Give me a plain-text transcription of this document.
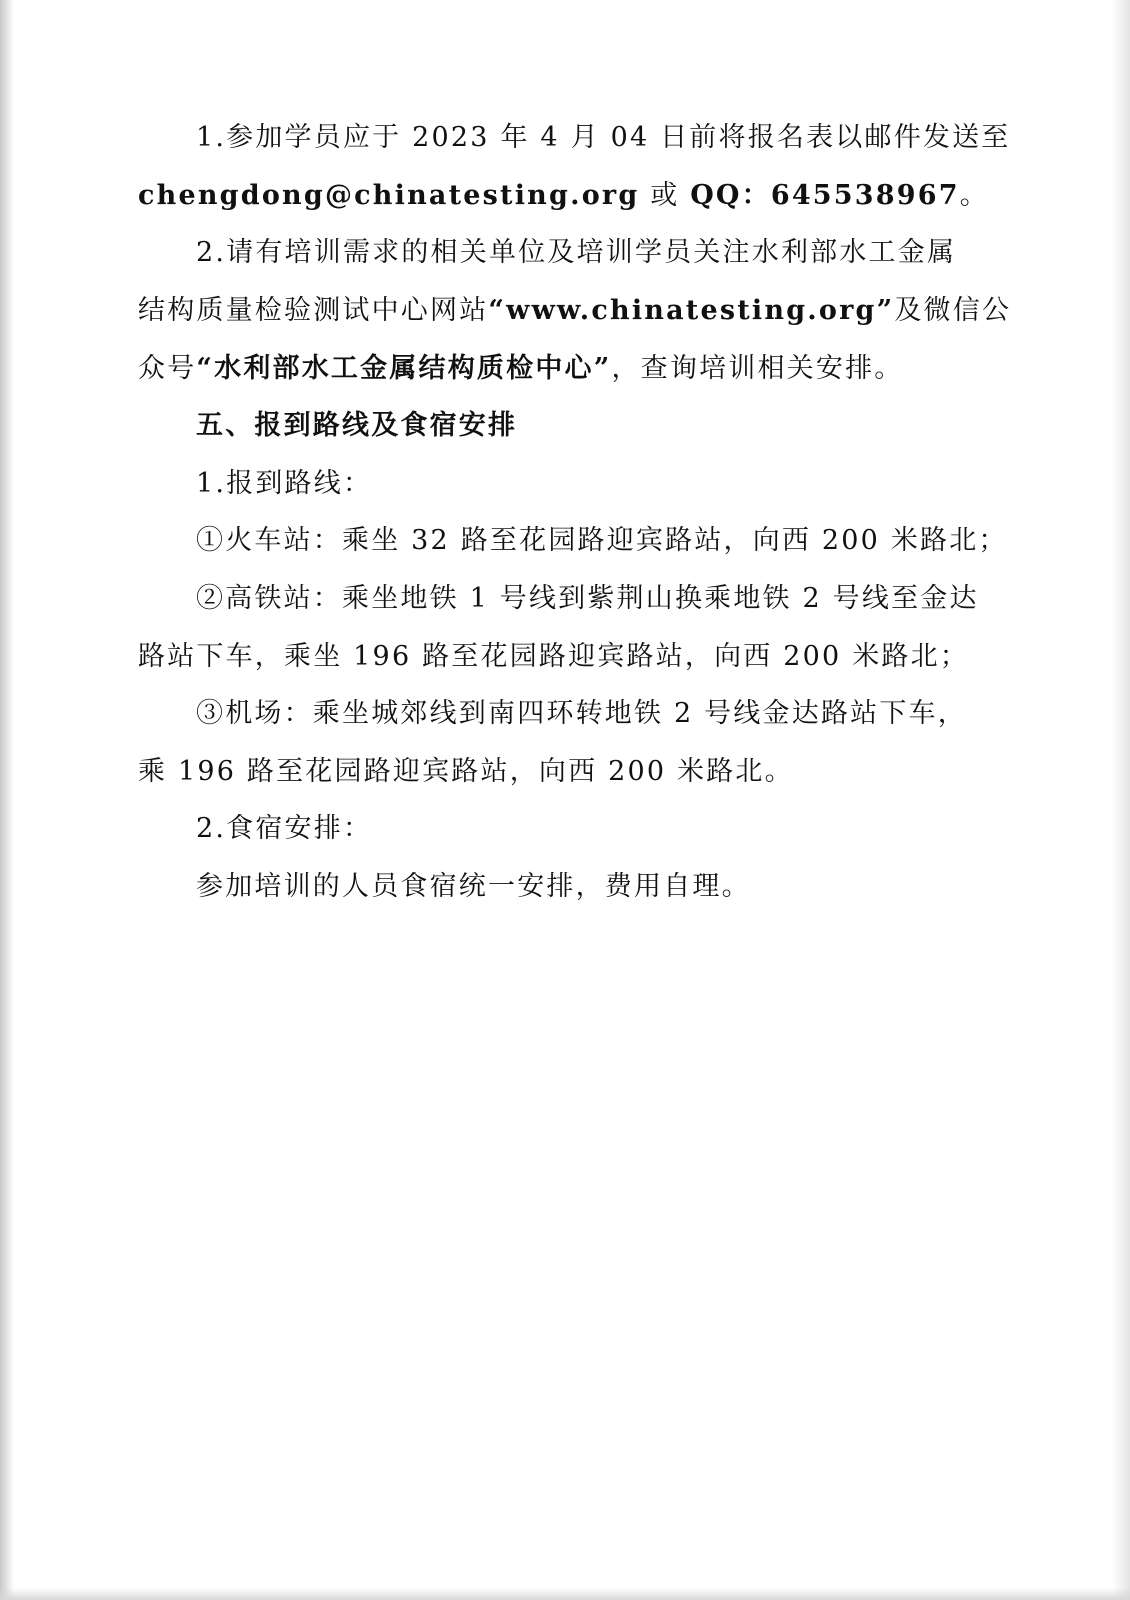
1.参加学员应于 2023 年 4 月 04 日前将报名表以邮件发送至
chengdong@chinatesting.org 或 QQ：645538967。
2.请有培训需求的相关单位及培训学员关注水利部水工金属
结构质量检验测试中心网站“www.chinatesting.org”及微信公
众号“水利部水工金属结构质检中心”，查询培训相关安排。
五、报到路线及食宿安排
1.报到路线：
①火车站：乘坐 32 路至花园路迎宾路站，向西 200 米路北；
②高铁站：乘坐地铁 1 号线到紫荆山换乘地铁 2 号线至金达
路站下车，乘坐 196 路至花园路迎宾路站，向西 200 米路北；
③机场：乘坐城郊线到南四环转地铁 2 号线金达路站下车，
乘 196 路至花园路迎宾路站，向西 200 米路北。
2.食宿安排：
参加培训的人员食宿统一安排，费用自理。
